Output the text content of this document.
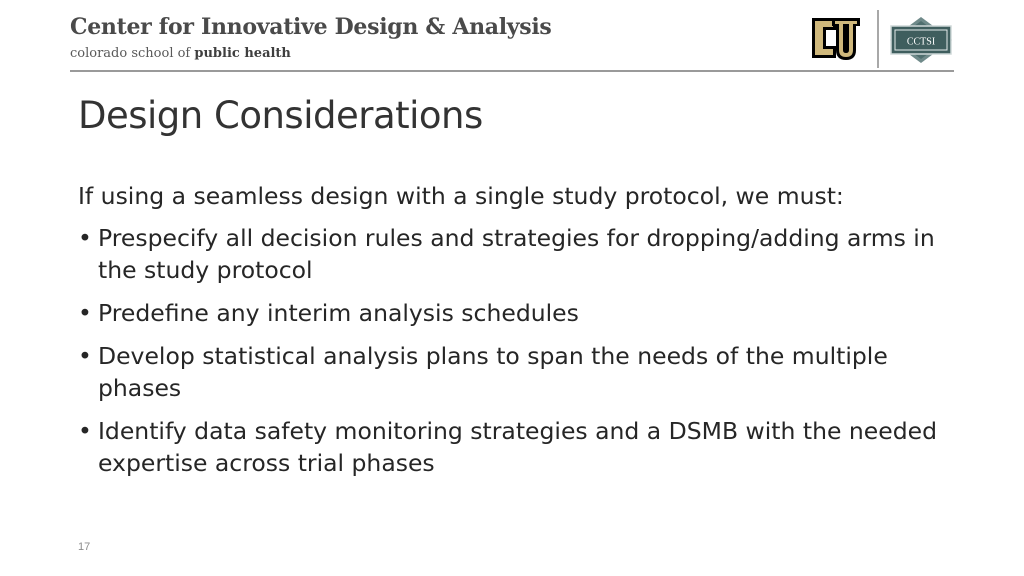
Center for Innovative Design & Analysis
colorado school of public health
CCTSI
Design Considerations

If using a seamless design with a single study protocol, we must:

• Prespecify all decision rules and strategies for dropping/adding arms in the study protocol
• Predefine any interim analysis schedules
• Develop statistical analysis plans to span the needs of the multiple phases
• Identify data safety monitoring strategies and a DSMB with the needed expertise across trial phases
17
